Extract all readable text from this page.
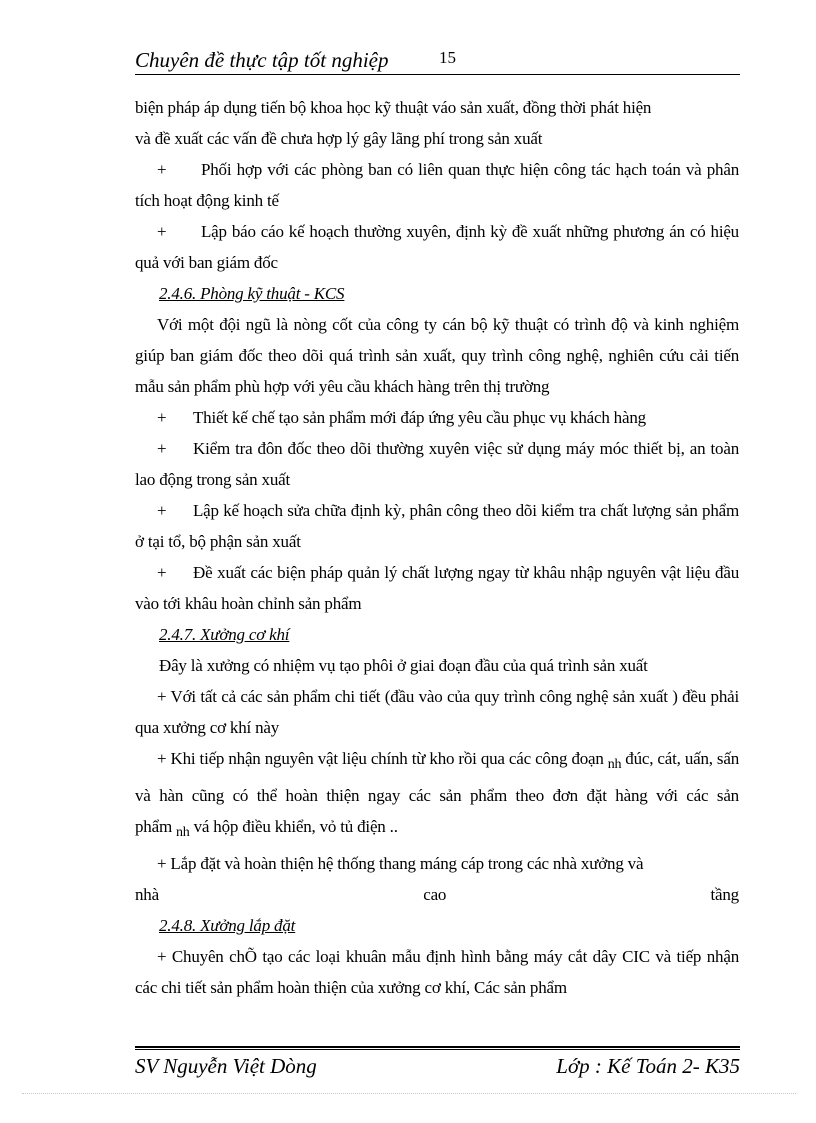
Chuyên đề thực tập tốt nghiệp	15

biện pháp áp dụng tiến bộ khoa học kỹ thuật váo sản xuất, đồng thời phát hiện

và đề xuất các vấn đề chưa hợp lý gây lãng phí trong sản xuất

+ Phối hợp với các phòng ban có liên quan thực hiện công tác hạch toán và phân tích hoạt động kinh tế

+ Lập báo cáo kế hoạch thường xuyên, định kỳ đề xuất những phương án có hiệu quả với ban giám đốc

2.4.6. Phòng kỹ thuật - KCS

Với một đội ngũ là nòng cốt của công ty cán bộ kỹ thuật có trình độ và kinh nghiệm giúp ban giám đốc theo dõi quá trình sản xuất, quy trình công nghệ, nghiên cứu cải tiến mẫu sản phẩm phù hợp với yêu cầu khách hàng trên thị trường

+ Thiết kế chế tạo sản phẩm mới đáp ứng yêu cầu phục vụ khách hàng

+ Kiểm tra đôn đốc theo dõi thường xuyên việc sử dụng máy móc thiết bị, an toàn lao động trong sản xuất

+ Lập kế hoạch sửa chữa định kỳ, phân công theo dõi kiểm tra chất lượng sản phẩm ở tại tổ, bộ phận sản xuất

+ Đề xuất các biện pháp quản lý chất lượng ngay từ khâu nhập nguyên vật liệu đầu vào tới khâu hoàn chỉnh sản phẩm

2.4.7. Xưởng cơ khí

Đây là xưởng có nhiệm vụ tạo phôi ở giai đoạn đầu của quá trình sản xuất

+ Với tất cả các sản phẩm chi tiết (đầu vào của quy trình công nghệ sản xuất ) đều phải qua xưởng cơ khí này

+ Khi tiếp nhận nguyên vật liệu chính từ kho rồi qua các công đoạn $_{nh}$ đúc, cát, uấn, sấn và hàn cũng có thể hoàn thiện ngay các sản phẩm theo đơn đặt hàng với các sản phẩm $_{nh}$ vá hộp điều khiển, vỏ tủ điện ..

+ Lắp đặt và hoàn thiện hệ thống thang máng cáp trong các nhà xưởng và

nhà	cao	tầng

2.4.8. Xưởng lắp đặt

+ Chuyên chÕ tạo các loại khuân mẫu định hình bằng máy cắt dây CIC và tiếp nhận các chi tiết sản phẩm hoàn thiện của xưởng cơ khí, Các sản phẩm

SV Nguyễn Việt Dòng	Lớp : Kế Toán 2- K35
